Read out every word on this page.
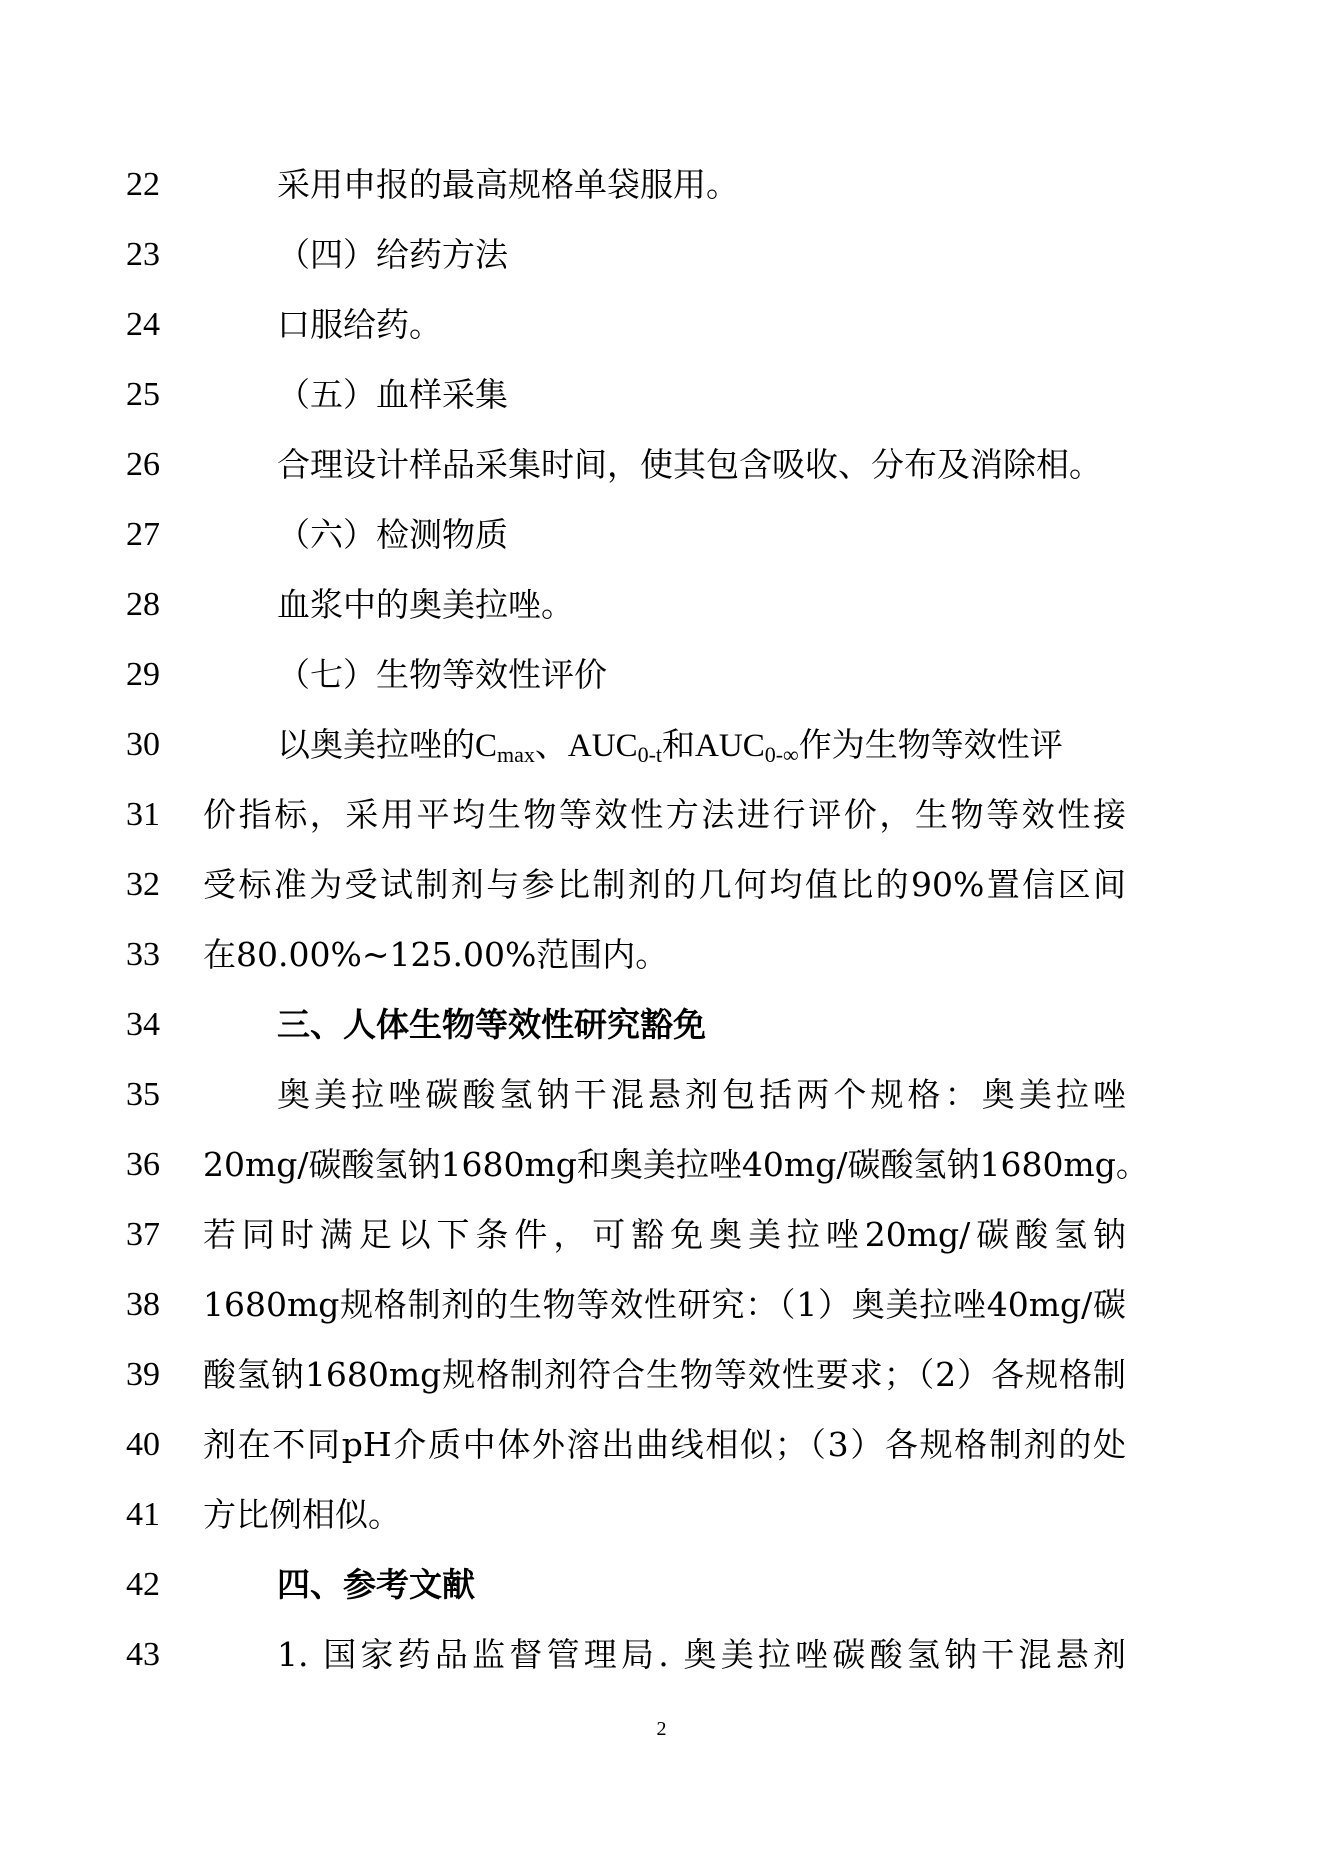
22	采用申报的最高规格单袋服用。
23	（四）给药方法
24	口服给药。
25	（五）血样采集
26	合理设计样品采集时间，使其包含吸收、分布及消除相。
27	（六）检测物质
28	血浆中的奥美拉唑。
29	（七）生物等效性评价
30	以奥美拉唑的$C_{max}$、$AUC_{0-t}$和$AUC_{0-\infty}$作为生物等效性评
31 价指标，采用平均生物等效性方法进行评价，生物等效性接
32 受标准为受试制剂与参比制剂的几何均值比的90%置信区间
33 在80.00%~125.00%范围内。
34	三、人体生物等效性研究豁免
35	奥美拉唑碳酸氢钠干混悬剂包括两个规格：奥美拉唑
36 20mg/碳酸氢钠1680mg和奥美拉唑40mg/碳酸氢钠1680mg。
37 若同时满足以下条件，可豁免奥美拉唑20mg/碳酸氢钠
38 1680mg规格制剂的生物等效性研究：（1）奥美拉唑40mg/碳
39 酸氢钠1680mg规格制剂符合生物等效性要求；（2）各规格制
40 剂在不同pH介质中体外溶出曲线相似；（3）各规格制剂的处
41 方比例相似。
42	四、参考文献
43	1. 国家药品监督管理局. 奥美拉唑碳酸氢钠干混悬剂
2
